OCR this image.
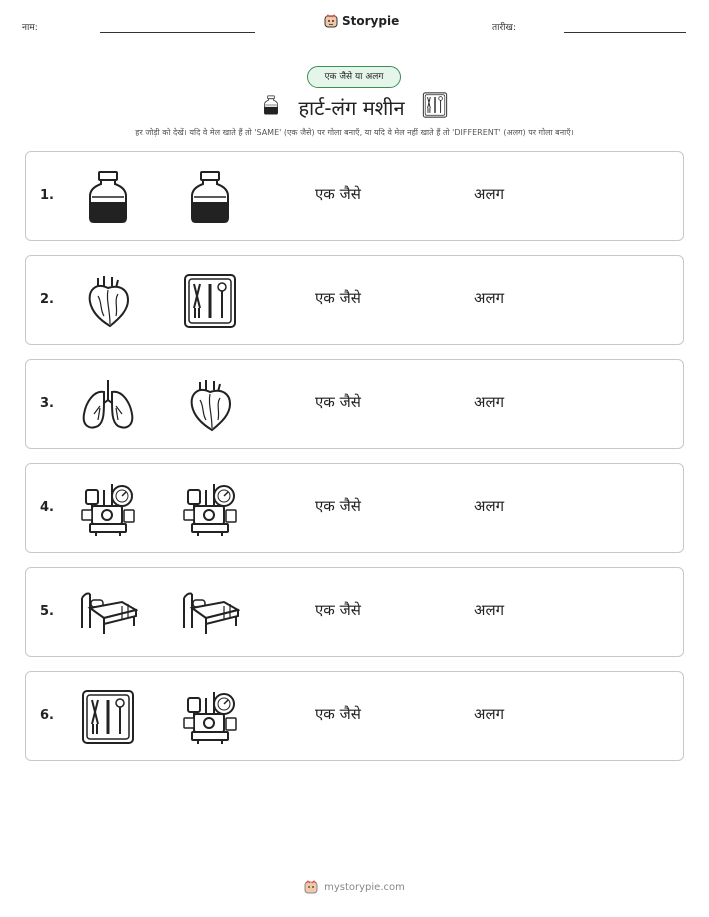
नाम:	Storypie	तारीख:
एक जैसे या अलग
हार्ट-लंग मशीन
हर जोड़ी को देखें। यदि वे मेल खाते हैं तो 'SAME' (एक जैसे) पर गोला बनाएँ, या यदि वे मेल नहीं खाते हैं तो 'DIFFERENT' (अलग) पर गोला बनाएँ।
1.	एक जैसे	अलग
2.	एक जैसे	अलग
3.	एक जैसे	अलग
4.	एक जैसे	अलग
5.	एक जैसे	अलग
6.	एक जैसे	अलग
mystorypie.com
